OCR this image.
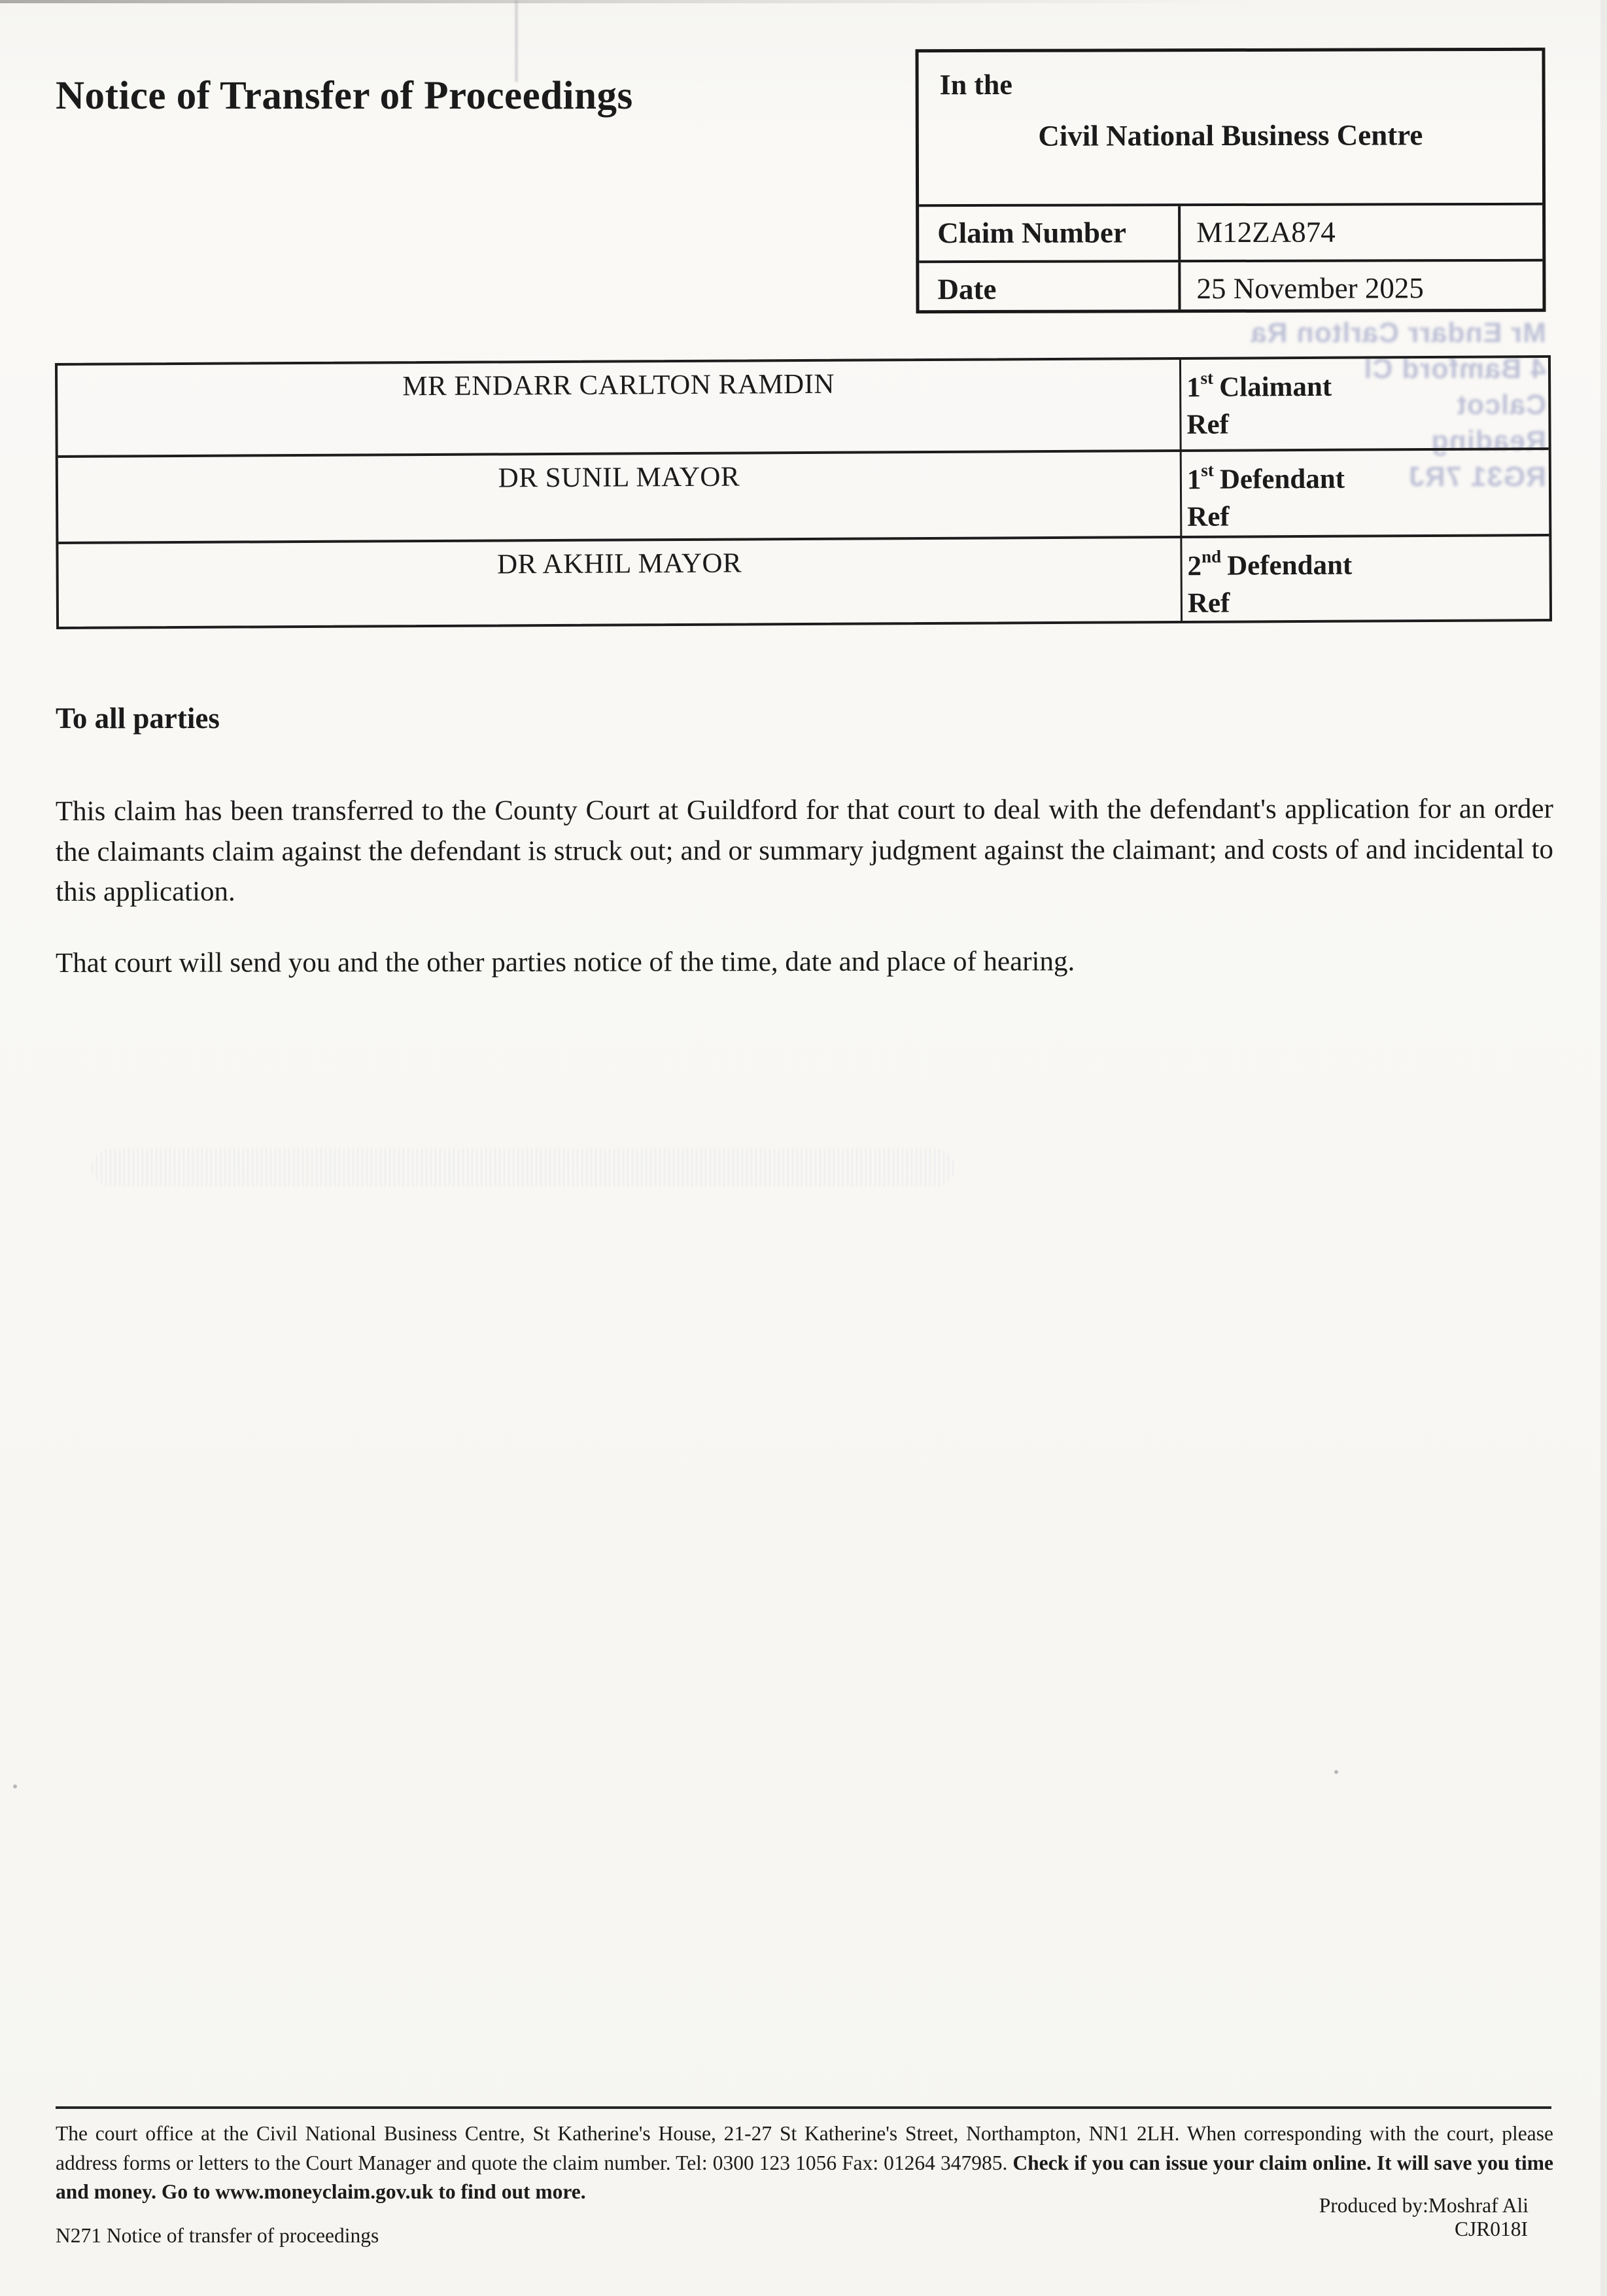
Mr Endarr Carlton Ra
4 Bamford Cl
Calcot
Reading
RG31 7RJ
Notice of Transfer of Proceedings	In the
Civil National Business Centre
Claim Number	M12ZA874
Date	25 November 2025
MR ENDARR CARLTON RAMDIN	1st Claimant
Ref
DR SUNIL MAYOR	1st Defendant
Ref
DR AKHIL MAYOR	2nd Defendant
Ref
To all parties

This claim has been transferred to the County Court at Guildford for that court to deal with the defendant's application for an order the claimants claim against the defendant is struck out; and or summary judgment against the claimant; and costs of and incidental to this application.

That court will send you and the other parties notice of the time, date and place of hearing.

The court office at the Civil National Business Centre, St Katherine's House, 21-27 St Katherine's Street, Northampton, NN1 2LH. When corresponding with the court, please address forms or letters to the Court Manager and quote the claim number. Tel: 0300 123 1056 Fax: 01264 347985. Check if you can issue your claim online. It will save you time and money. Go to www.moneyclaim.gov.uk to find out more.

Produced by:Moshraf Ali
N271 Notice of transfer of proceedings	CJR018I
